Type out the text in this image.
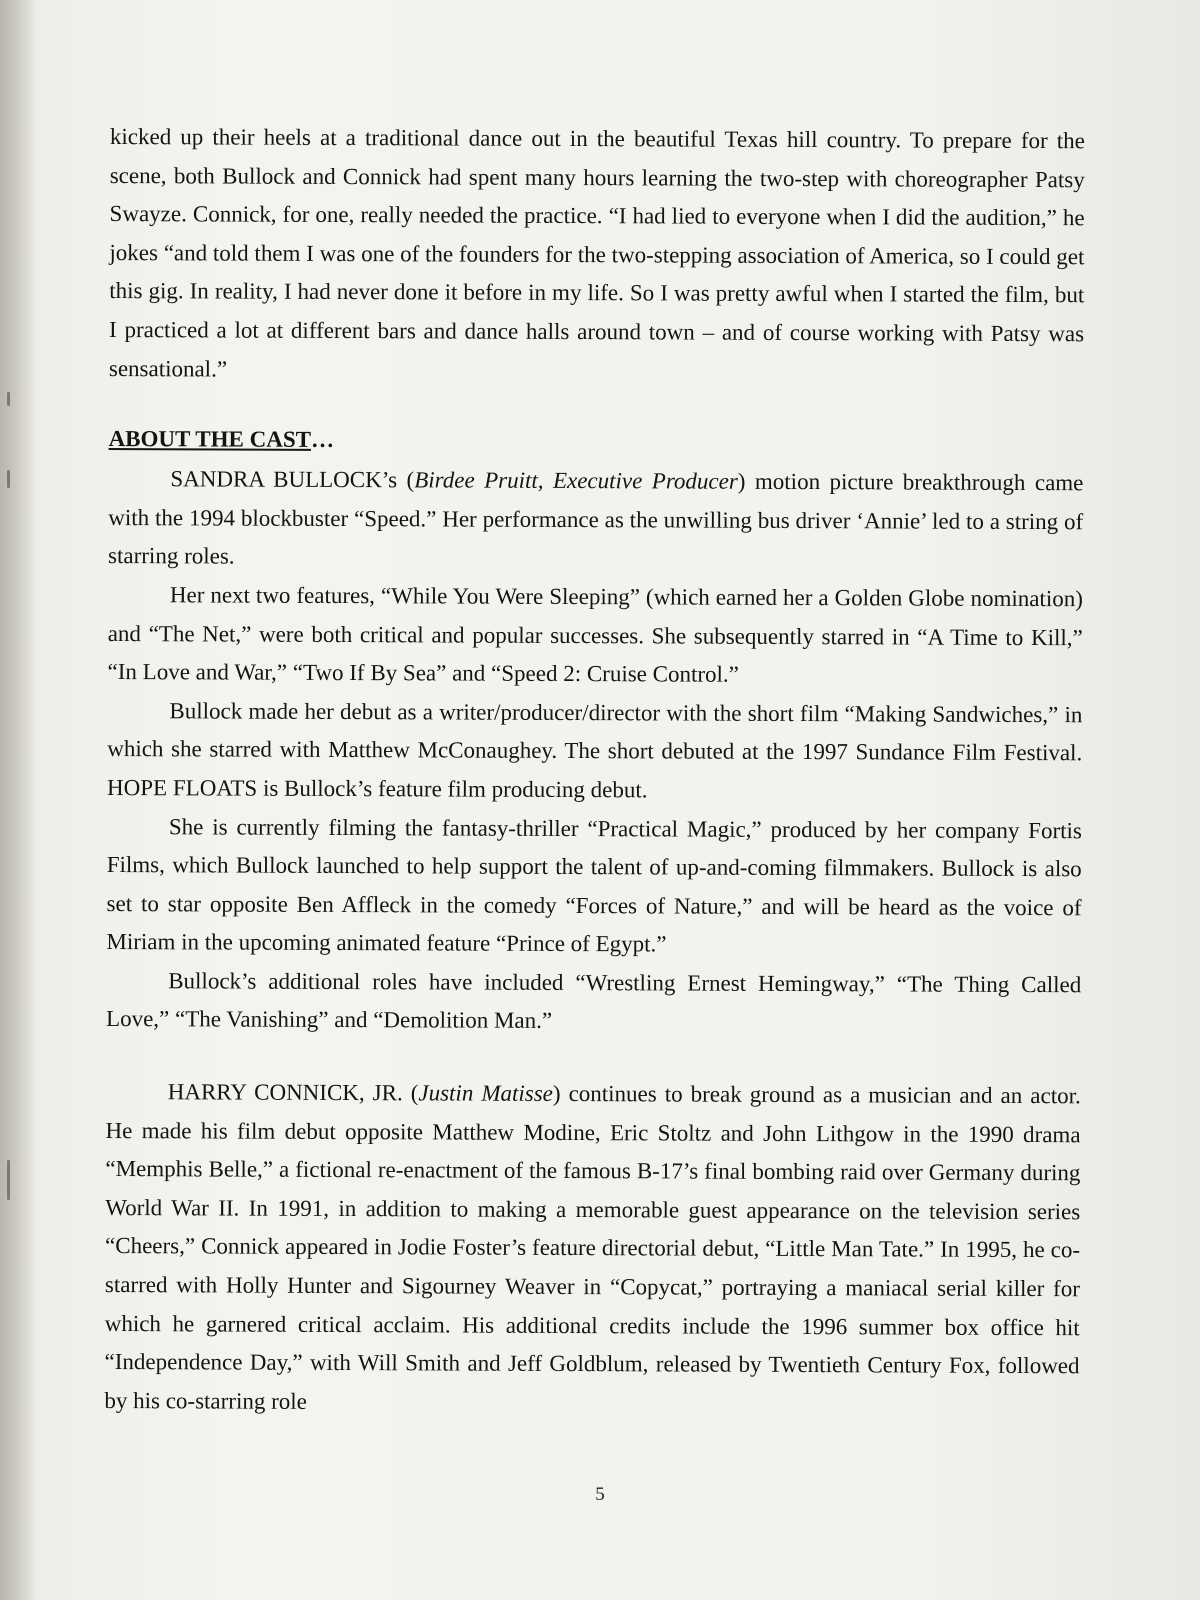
kicked up their heels at a traditional dance out in the beautiful Texas hill country. To prepare for the scene, both Bullock and Connick had spent many hours learning the two-step with choreographer Patsy Swayze. Connick, for one, really needed the practice. “I had lied to everyone when I did the audition,” he jokes “and told them I was one of the founders for the two-stepping association of America, so I could get this gig. In reality, I had never done it before in my life. So I was pretty awful when I started the film, but I practiced a lot at different bars and dance halls around town – and of course working with Patsy was sensational.”

ABOUT THE CAST…

SANDRA BULLOCK’s (Birdee Pruitt, Executive Producer) motion picture breakthrough came with the 1994 blockbuster “Speed.” Her performance as the unwilling bus driver ‘Annie’ led to a string of starring roles.

Her next two features, “While You Were Sleeping” (which earned her a Golden Globe nomination) and “The Net,” were both critical and popular successes. She subsequently starred in “A Time to Kill,” “In Love and War,” “Two If By Sea” and “Speed 2: Cruise Control.”

Bullock made her debut as a writer/producer/director with the short film “Making Sandwiches,” in which she starred with Matthew McConaughey. The short debuted at the 1997 Sundance Film Festival. HOPE FLOATS is Bullock’s feature film producing debut.

She is currently filming the fantasy-thriller “Practical Magic,” produced by her company Fortis Films, which Bullock launched to help support the talent of up-and-coming filmmakers. Bullock is also set to star opposite Ben Affleck in the comedy “Forces of Nature,” and will be heard as the voice of Miriam in the upcoming animated feature “Prince of Egypt.”

Bullock’s additional roles have included “Wrestling Ernest Hemingway,” “The Thing Called Love,” “The Vanishing” and “Demolition Man.”

HARRY CONNICK, JR. (Justin Matisse) continues to break ground as a musician and an actor. He made his film debut opposite Matthew Modine, Eric Stoltz and John Lithgow in the 1990 drama “Memphis Belle,” a fictional re-enactment of the famous B-17’s final bombing raid over Germany during World War II. In 1991, in addition to making a memorable guest appearance on the television series “Cheers,” Connick appeared in Jodie Foster’s feature directorial debut, “Little Man Tate.” In 1995, he co-starred with Holly Hunter and Sigourney Weaver in “Copycat,” portraying a maniacal serial killer for which he garnered critical acclaim. His additional credits include the 1996 summer box office hit “Independence Day,” with Will Smith and Jeff Goldblum, released by Twentieth Century Fox, followed by his co-starring role

5
